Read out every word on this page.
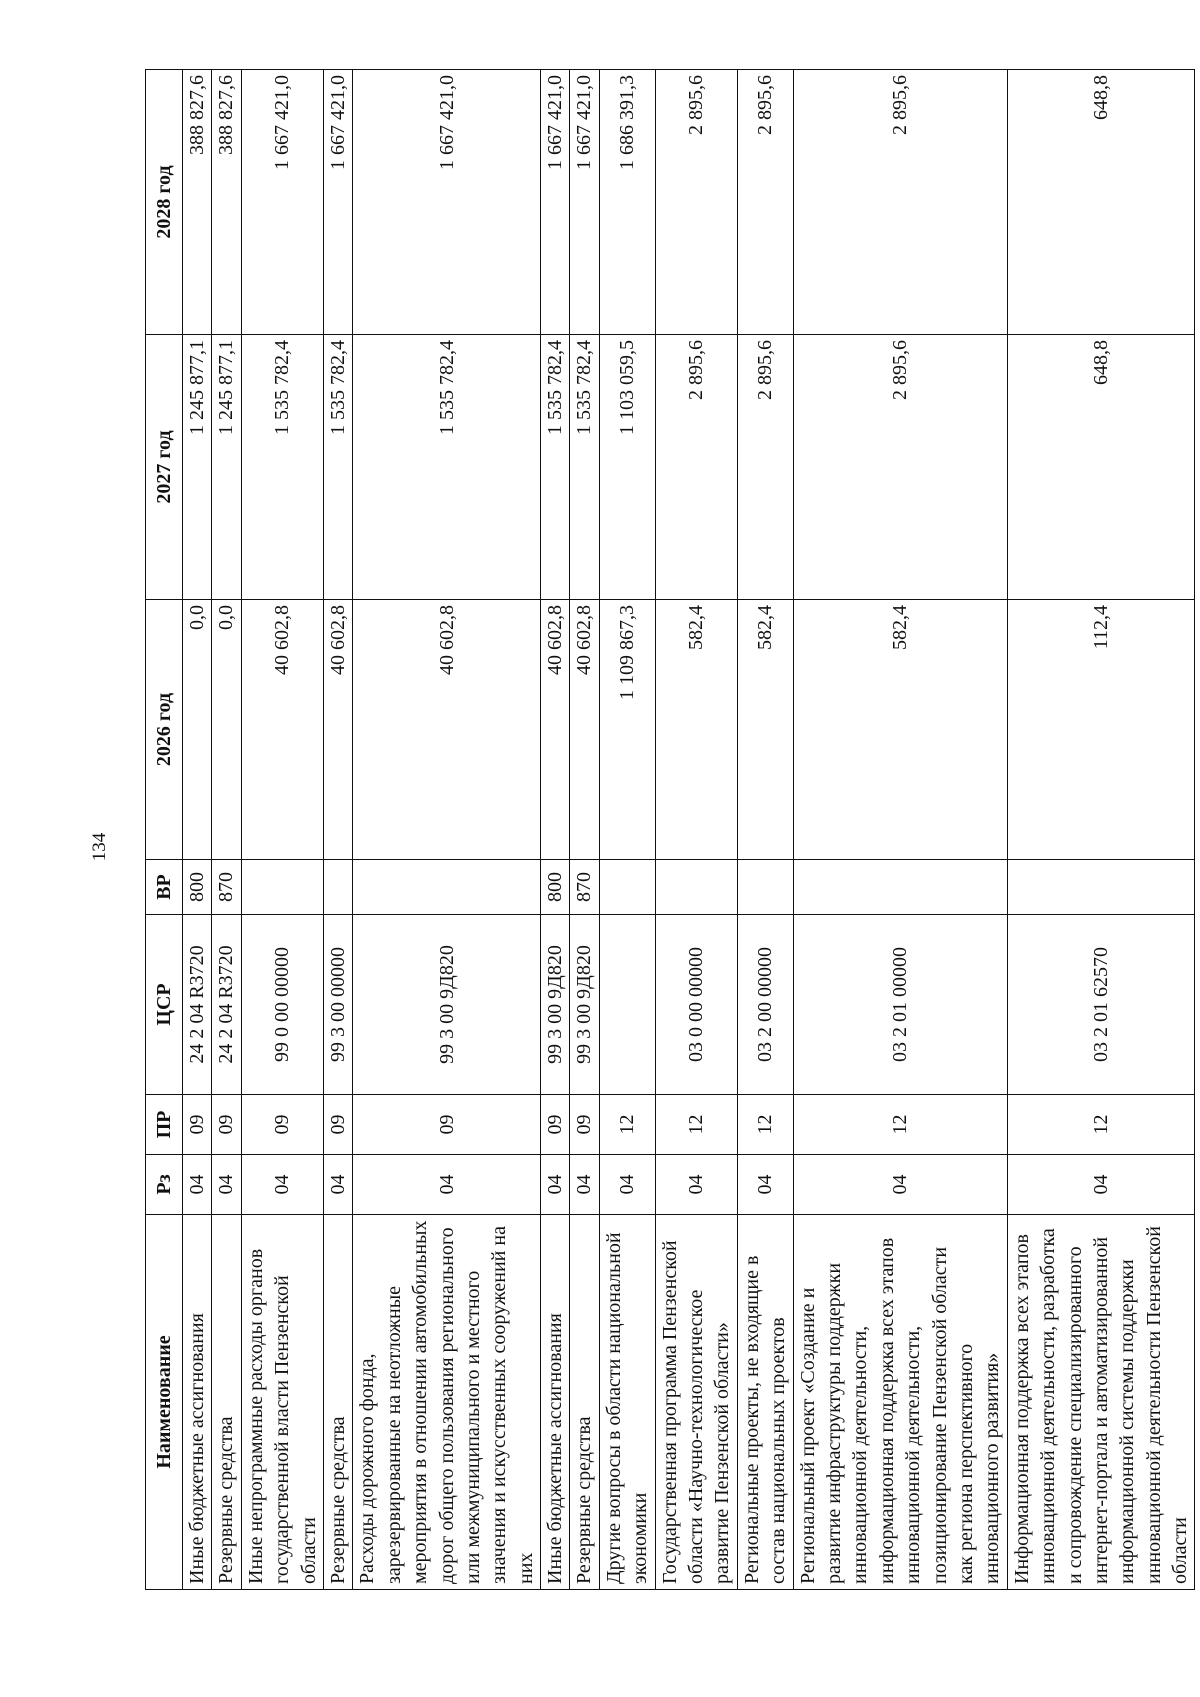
134
Наименование	Рз	ПР	ЦСР	ВР	2026 год	2027 год	2028 год
Иные бюджетные ассигнования	04	09	24 2 04 R3720	800	0,0	1 245 877,1	388 827,6
Резервные средства	04	09	24 2 04 R3720	870	0,0	1 245 877,1	388 827,6
Иные непрограммные расходы органов государственной власти Пензенской области	04	09	99 0 00 00000		40 602,8	1 535 782,4	1 667 421,0
Резервные средства	04	09	99 3 00 00000		40 602,8	1 535 782,4	1 667 421,0
Расходы дорожного фонда, зарезервированные на неотложные мероприятия в отношении автомобильных дорог общего пользования регионального или межмуниципального и местного значения и искусственных сооружений на них	04	09	99 3 00 9Д820		40 602,8	1 535 782,4	1 667 421,0
Иные бюджетные ассигнования	04	09	99 3 00 9Д820	800	40 602,8	1 535 782,4	1 667 421,0
Резервные средства	04	09	99 3 00 9Д820	870	40 602,8	1 535 782,4	1 667 421,0
Другие вопросы в области национальной экономики	04	12			1 109 867,3	1 103 059,5	1 686 391,3
Государственная программа Пензенской области «Научно-технологическое развитие Пензенской области»	04	12	03 0 00 00000		582,4	2 895,6	2 895,6
Региональные проекты, не входящие в состав национальных проектов	04	12	03 2 00 00000		582,4	2 895,6	2 895,6
Региональный проект «Создание и развитие инфраструктуры поддержки инновационной деятельности, информационная поддержка всех этапов инновационной деятельности, позиционирование Пензенской области как региона перспективного инновационного развития»	04	12	03 2 01 00000		582,4	2 895,6	2 895,6
Информационная поддержка всех этапов инновационной деятельности, разработка и сопровождение специализированного интернет-портала и автоматизированной информационной системы поддержки инновационной деятельности Пензенской области	04	12	03 2 01 62570		112,4	648,8	648,8
